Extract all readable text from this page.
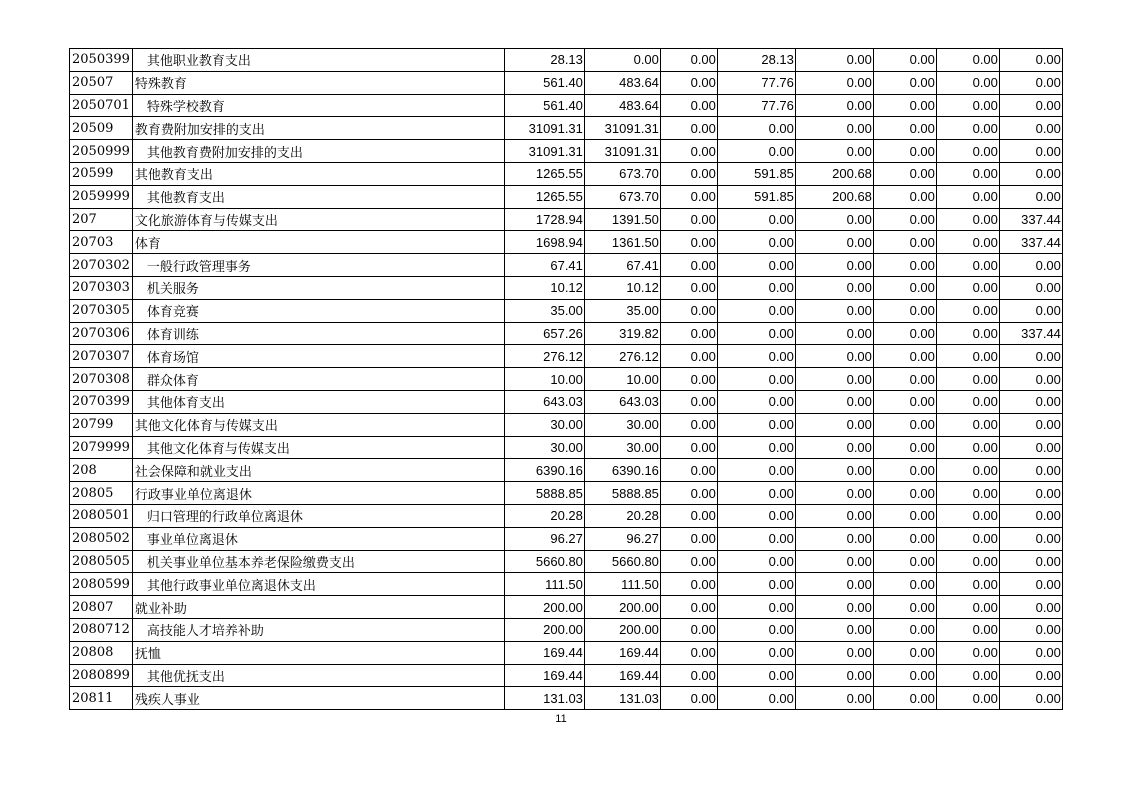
2050399	其他职业教育支出	28.13	0.00	0.00	28.13	0.00	0.00	0.00	0.00
20507	特殊教育	561.40	483.64	0.00	77.76	0.00	0.00	0.00	0.00
2050701	特殊学校教育	561.40	483.64	0.00	77.76	0.00	0.00	0.00	0.00
20509	教育费附加安排的支出	31091.31	31091.31	0.00	0.00	0.00	0.00	0.00	0.00
2050999	其他教育费附加安排的支出	31091.31	31091.31	0.00	0.00	0.00	0.00	0.00	0.00
20599	其他教育支出	1265.55	673.70	0.00	591.85	200.68	0.00	0.00	0.00
2059999	其他教育支出	1265.55	673.70	0.00	591.85	200.68	0.00	0.00	0.00
207	文化旅游体育与传媒支出	1728.94	1391.50	0.00	0.00	0.00	0.00	0.00	337.44
20703	体育	1698.94	1361.50	0.00	0.00	0.00	0.00	0.00	337.44
2070302	一般行政管理事务	67.41	67.41	0.00	0.00	0.00	0.00	0.00	0.00
2070303	机关服务	10.12	10.12	0.00	0.00	0.00	0.00	0.00	0.00
2070305	体育竞赛	35.00	35.00	0.00	0.00	0.00	0.00	0.00	0.00
2070306	体育训练	657.26	319.82	0.00	0.00	0.00	0.00	0.00	337.44
2070307	体育场馆	276.12	276.12	0.00	0.00	0.00	0.00	0.00	0.00
2070308	群众体育	10.00	10.00	0.00	0.00	0.00	0.00	0.00	0.00
2070399	其他体育支出	643.03	643.03	0.00	0.00	0.00	0.00	0.00	0.00
20799	其他文化体育与传媒支出	30.00	30.00	0.00	0.00	0.00	0.00	0.00	0.00
2079999	其他文化体育与传媒支出	30.00	30.00	0.00	0.00	0.00	0.00	0.00	0.00
208	社会保障和就业支出	6390.16	6390.16	0.00	0.00	0.00	0.00	0.00	0.00
20805	行政事业单位离退休	5888.85	5888.85	0.00	0.00	0.00	0.00	0.00	0.00
2080501	归口管理的行政单位离退休	20.28	20.28	0.00	0.00	0.00	0.00	0.00	0.00
2080502	事业单位离退休	96.27	96.27	0.00	0.00	0.00	0.00	0.00	0.00
2080505	机关事业单位基本养老保险缴费支出	5660.80	5660.80	0.00	0.00	0.00	0.00	0.00	0.00
2080599	其他行政事业单位离退休支出	111.50	111.50	0.00	0.00	0.00	0.00	0.00	0.00
20807	就业补助	200.00	200.00	0.00	0.00	0.00	0.00	0.00	0.00
2080712	高技能人才培养补助	200.00	200.00	0.00	0.00	0.00	0.00	0.00	0.00
20808	抚恤	169.44	169.44	0.00	0.00	0.00	0.00	0.00	0.00
2080899	其他优抚支出	169.44	169.44	0.00	0.00	0.00	0.00	0.00	0.00
20811	残疾人事业	131.03	131.03	0.00	0.00	0.00	0.00	0.00	0.00
11
